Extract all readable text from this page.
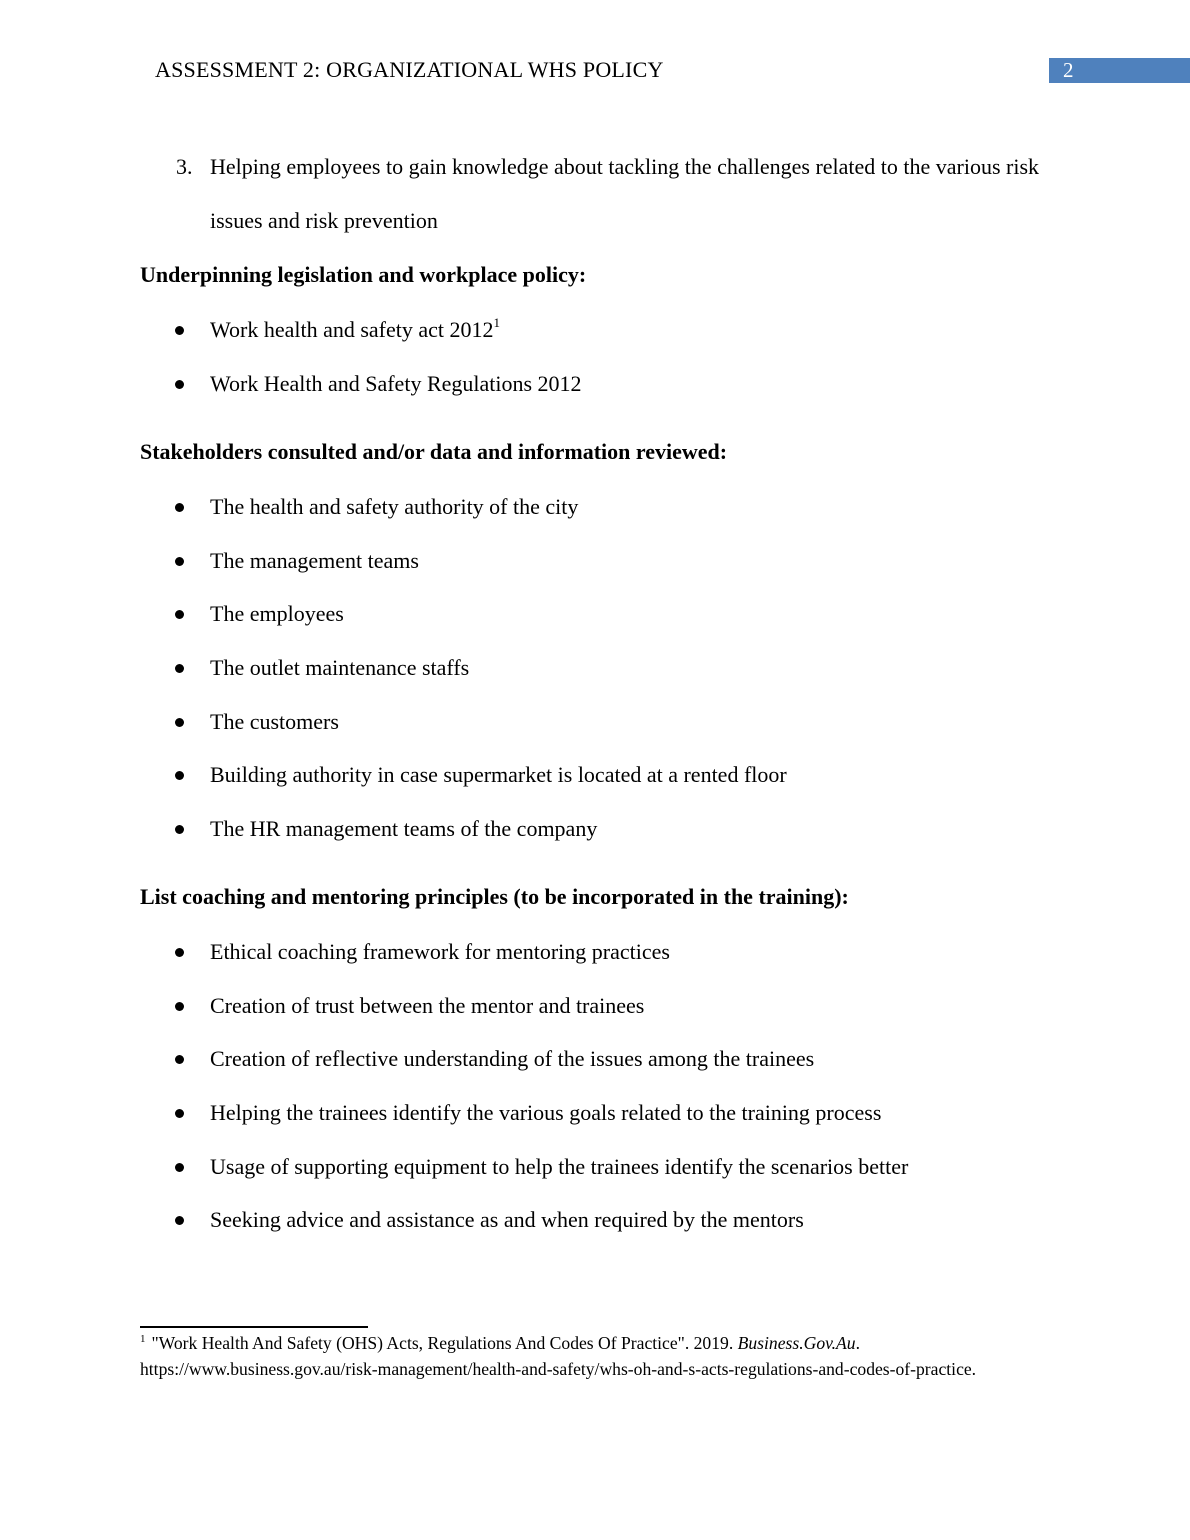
ASSESSMENT 2: ORGANIZATIONAL WHS POLICY	2
3. Helping employees to gain knowledge about tackling the challenges related to the various risk issues and risk prevention
Underpinning legislation and workplace policy:
Work health and safety act 2012$^1$
Work Health and Safety Regulations 2012
Stakeholders consulted and/or data and information reviewed:
The health and safety authority of the city
The management teams
The employees
The outlet maintenance staffs
The customers
Building authority in case supermarket is located at a rented floor
The HR management teams of the company
List coaching and mentoring principles (to be incorporated in the training):
Ethical coaching framework for mentoring practices
Creation of trust between the mentor and trainees
Creation of reflective understanding of the issues among the trainees
Helping the trainees identify the various goals related to the training process
Usage of supporting equipment to help the trainees identify the scenarios better
Seeking advice and assistance as and when required by the mentors
$^1$ "Work Health And Safety (OHS) Acts, Regulations And Codes Of Practice". 2019. Business.Gov.Au.
https://www.business.gov.au/risk-management/health-and-safety/whs-oh-and-s-acts-regulations-and-codes-of-practice.
